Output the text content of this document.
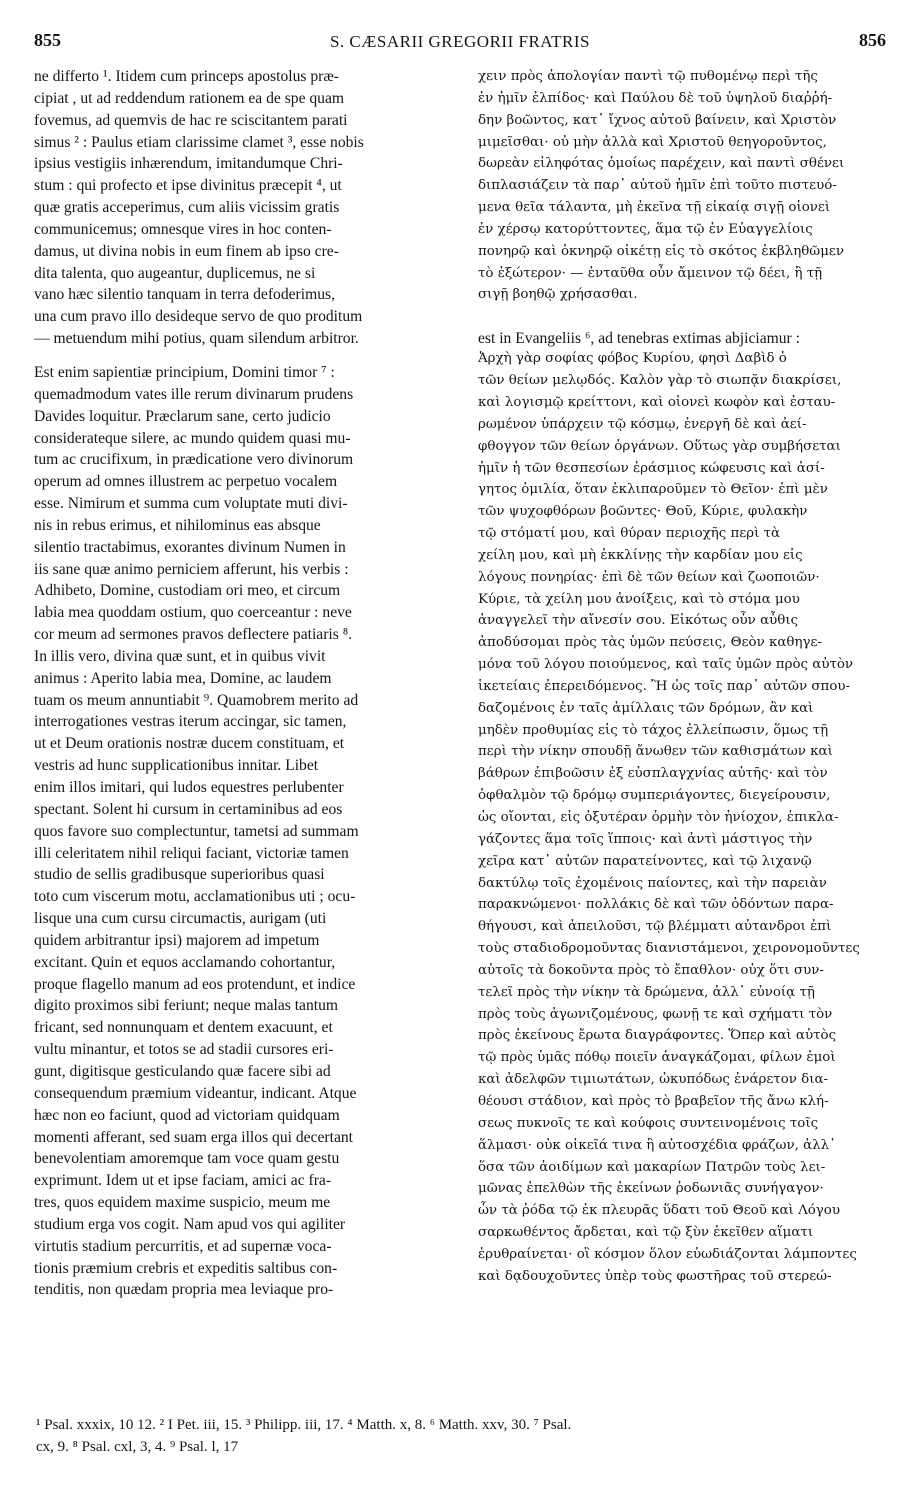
855	S. CÆSARII GREGORII FRATRIS	856
ne differto ¹. Itidem cum princeps apostolus præ-
cipiat , ut ad reddendum rationem ea de spe quam
fovemus, ad quemvis de hac re sciscitantem parati
simus ² : Paulus etiam clarissime clamet ³, esse nobis
ipsius vestigiis inhærendum, imitandumque Chri-
stum : qui profecto et ipse divinitus præcepit ⁴, ut
quæ gratis acceperimus, cum aliis vicissim gratis
communicemus; omnesque vires in hoc conten-
damus, ut divina nobis in eum finem ab ipso cre-
dita talenta, quo augeantur, duplicemus, ne si
vano hæc silentio tanquam in terra defoderimus,
una cum pravo illo desideque servo de quo proditum
— metuendum mihi potius, quam silendum arbitror.
Est enim sapientiæ principium, Domini timor ⁷ :
quemadmodum vates ille rerum divinarum prudens
Davides loquitur. Præclarum sane, certo judicio
considerateque silere, ac mundo quidem quasi mu-
tum ac crucifixum, in prædicatione vero divinorum
operum ad omnes illustrem ac perpetuo vocalem
esse. Nimirum et summa cum voluptate muti divi-
nis in rebus erimus, et nihilominus eas absque
silentio tractabimus, exorantes divinum Numen in
iis sane quæ animo perniciem afferunt, his verbis :
Adhibeto, Domine, custodiam ori meo, et circum
labia mea quoddam ostium, quo coerceantur : neve
cor meum ad sermones pravos deflectere patiaris ⁸.
In illis vero, divina quæ sunt, et in quibus vivit
animus : Aperito labia mea, Domine, ac laudem
tuam os meum annuntiabit ⁹. Quamobrem merito ad
interrogationes vestras iterum accingar, sic tamen,
ut et Deum orationis nostræ ducem constituam, et
vestris ad hunc supplicationibus innitar. Libet
enim illos imitari, qui ludos equestres perlubenter
spectant. Solent hi cursum in certaminibus ad eos
quos favore suo complectuntur, tametsi ad summam
illi celeritatem nihil reliqui faciant, victoriæ tamen
studio de sellis gradibusque superioribus quasi
toto cum viscerum motu, acclamationibus uti ; ocu-
lisque una cum cursu circumactis, aurigam (uti
quidem arbitrantur ipsi) majorem ad impetum
excitant. Quin et equos acclamando cohortantur,
proque flagello manum ad eos protendunt, et indice
digito proximos sibi feriunt; neque malas tantum
fricant, sed nonnunquam et dentem exacuunt, et
vultu minantur, et totos se ad stadii cursores eri-
gunt, digitisque gesticulando quæ facere sibi ad
consequendum præmium videantur, indicant. Atque
hæc non eo faciunt, quod ad victoriam quidquam
momenti afferant, sed suam erga illos qui decertant
benevolentiam amoremque tam voce quam gestu
exprimunt. Idem ut et ipse faciam, amici ac fra-
tres, quos equidem maxime suspicio, meum me
studium erga vos cogit. Nam apud vos qui agiliter
virtutis stadium percurritis, et ad supernæ voca-
tionis præmium crebris et expeditis saltibus con-
tenditis, non quædam propria mea leviaque pro-
χειν πρὸς ἀπολογίαν παντὶ τῷ πυθομένῳ περὶ τῆς
ἐν ἡμῖν ἐλπίδος· καὶ Παύλου δὲ τοῦ ὑψηλοῦ διαῤῥή-
δην βοῶντος, κατ᾽ ἴχνος αὐτοῦ βαίνειν, καὶ Χριστὸν
μιμεῖσθαι· οὐ μὴν ἀλλὰ καὶ Χριστοῦ θεηγοροῦντος,
δωρεὰν εἰληφότας ὁμοίως παρέχειν, καὶ παντὶ σθένει
διπλασιάζειν τὰ παρ᾽ αὐτοῦ ἡμῖν ἐπὶ τοῦτο πιστευό-
μενα θεῖα τάλαντα, μὴ ἐκεῖνα τῇ εἰκαίᾳ σιγῇ οἱονεὶ
ἐν χέρσῳ κατορύττοντες, ἅμα τῷ ἐν Εὐαγγελίοις
πονηρῷ καὶ ὀκνηρῷ οἰκέτῃ εἰς τὸ σκότος ἐκβληθῶμεν
τὸ ἐξώτερον· — ἐνταῦθα οὖν ἄμεινον τῷ δέει, ἢ τῇ
σιγῇ βοηθῷ χρήσασθαι.
Ἀρχὴ γὰρ σοφίας φόβος Κυρίου, φησὶ Δαβὶδ ὁ
τῶν θείων μελῳδός. Καλὸν γὰρ τὸ σιωπᾷν διακρίσει,
καὶ λογισμῷ κρείττονι, καὶ οἱονεὶ κωφὸν καὶ ἐσταυ-
ρωμένον ὑπάρχειν τῷ κόσμῳ, ἐνεργῆ δὲ καὶ ἀεί-
φθογγον τῶν θείων ὀργάνων. Οὕτως γὰρ συμβήσεται
ἡμῖν ἡ τῶν θεσπεσίων ἐράσμιος κώφευσις καὶ ἀσί-
γητος ὁμιλία, ὅταν ἐκλιπαροῦμεν τὸ Θεῖον· ἐπὶ μὲν
τῶν ψυχοφθόρων βοῶντες· Θοῦ, Κύριε, φυλακὴν
τῷ στόματί μου, καὶ θύραν περιοχῆς περὶ τὰ
χείλη μου, καὶ μὴ ἐκκλίνῃς τὴν καρδίαν μου εἰς
λόγους πονηρίας· ἐπὶ δὲ τῶν θείων καὶ ζωοποιῶν·
Κύριε, τὰ χείλη μου ἀνοίξεις, καὶ τὸ στόμα μου
ἀναγγελεῖ τὴν αἴνεσίν σου. Εἰκότως οὖν αὖθις
ἀποδύσομαι πρὸς τὰς ὑμῶν πεύσεις, Θεὸν καθηγε-
μόνα τοῦ λόγου ποιούμενος, καὶ ταῖς ὑμῶν πρὸς αὐτὸν
ἱκετείαις ἐπερειδόμενος. Ἢ ὡς τοῖς παρ᾽ αὐτῶν σπου-
δαζομένοις ἐν ταῖς ἁμίλλαις τῶν δρόμων, ἂν καὶ
μηδὲν προθυμίας εἰς τὸ τάχος ἐλλείπωσιν, ὅμως τῇ
περὶ τὴν νίκην σπουδῇ ἄνωθεν τῶν καθισμάτων καὶ
βάθρων ἐπιβοῶσιν ἐξ εὐσπλαγχνίας αὐτῆς· καὶ τὸν
ὀφθαλμὸν τῷ δρόμῳ συμπεριάγοντες, διεγείρουσιν,
ὡς οἴονται, εἰς ὀξυτέραν ὁρμὴν τὸν ἡνίοχον, ἐπικλα-
γάζοντες ἅμα τοῖς ἵπποις· καὶ ἀντὶ μάστιγος τὴν
χεῖρα κατ᾽ αὐτῶν παρατείνοντες, καὶ τῷ λιχανῷ
δακτύλῳ τοῖς ἐχομένοις παίοντες, καὶ τὴν παρειὰν
παρακνώμενοι· πολλάκις δὲ καὶ τῶν ὀδόντων παρα-
θήγουσι, καὶ ἀπειλοῦσι, τῷ βλέμματι αὐτανδροι ἐπὶ
τοὺς σταδιοδρομοῦντας διανιστάμενοι, χειρονομοῦντες
αὐτοῖς τὰ δοκοῦντα πρὸς τὸ ἔπαθλον· οὐχ ὅτι συν-
τελεῖ πρὸς τὴν νίκην τὰ δρώμενα, ἀλλ᾽ εὐνοίᾳ τῇ
πρὸς τοὺς ἀγωνιζομένους, φωνῇ τε καὶ σχήματι τὸν
πρὸς ἐκείνους ἔρωτα διαγράφοντες. Ὅπερ καὶ αὐτὸς
τῷ πρὸς ὑμᾶς πόθῳ ποιεῖν ἀναγκάζομαι, φίλων ἐμοὶ
καὶ ἀδελφῶν τιμιωτάτων, ὠκυπόδως ἐνάρετον δια-
θέουσι στάδιον, καὶ πρὸς τὸ βραβεῖον τῆς ἄνω κλή-
σεως πυκνοῖς τε καὶ κούφοις συντεινομένοις τοῖς
ἅλμασι· οὐκ οἰκεῖά τινα ἢ αὐτοσχέδια φράζων, ἀλλ᾽
ὅσα τῶν ἀοιδίμων καὶ μακαρίων Πατρῶν τοὺς λει-
μῶνας ἐπελθὼν τῆς ἐκείνων ῥοδωνιᾶς συνήγαγον·
ὧν τὰ ῥόδα τῷ ἐκ πλευρᾶς ὕδατι τοῦ Θεοῦ καὶ Λόγου
σαρκωθέντος ἄρδεται, καὶ τῷ ξὺν ἐκεῖθεν αἵματι
ἐρυθραίνεται· οἳ κόσμον ὅλον εὐωδιάζονται λάμποντες
καὶ δᾳδουχοῦντες ὑπὲρ τοὺς φωστῆρας τοῦ στερεώ-
est in Evangeliis ⁶, ad tenebras extimas abjiciamur :
¹ Psal. xxxix, 10 12. ² I Pet. iii, 15. ³ Philipp. iii, 17. ⁴ Matth. x, 8. ⁶ Matth. xxv, 30. ⁷ Psal.
cx, 9. ⁸ Psal. cxl, 3, 4. ⁹ Psal. l, 17
